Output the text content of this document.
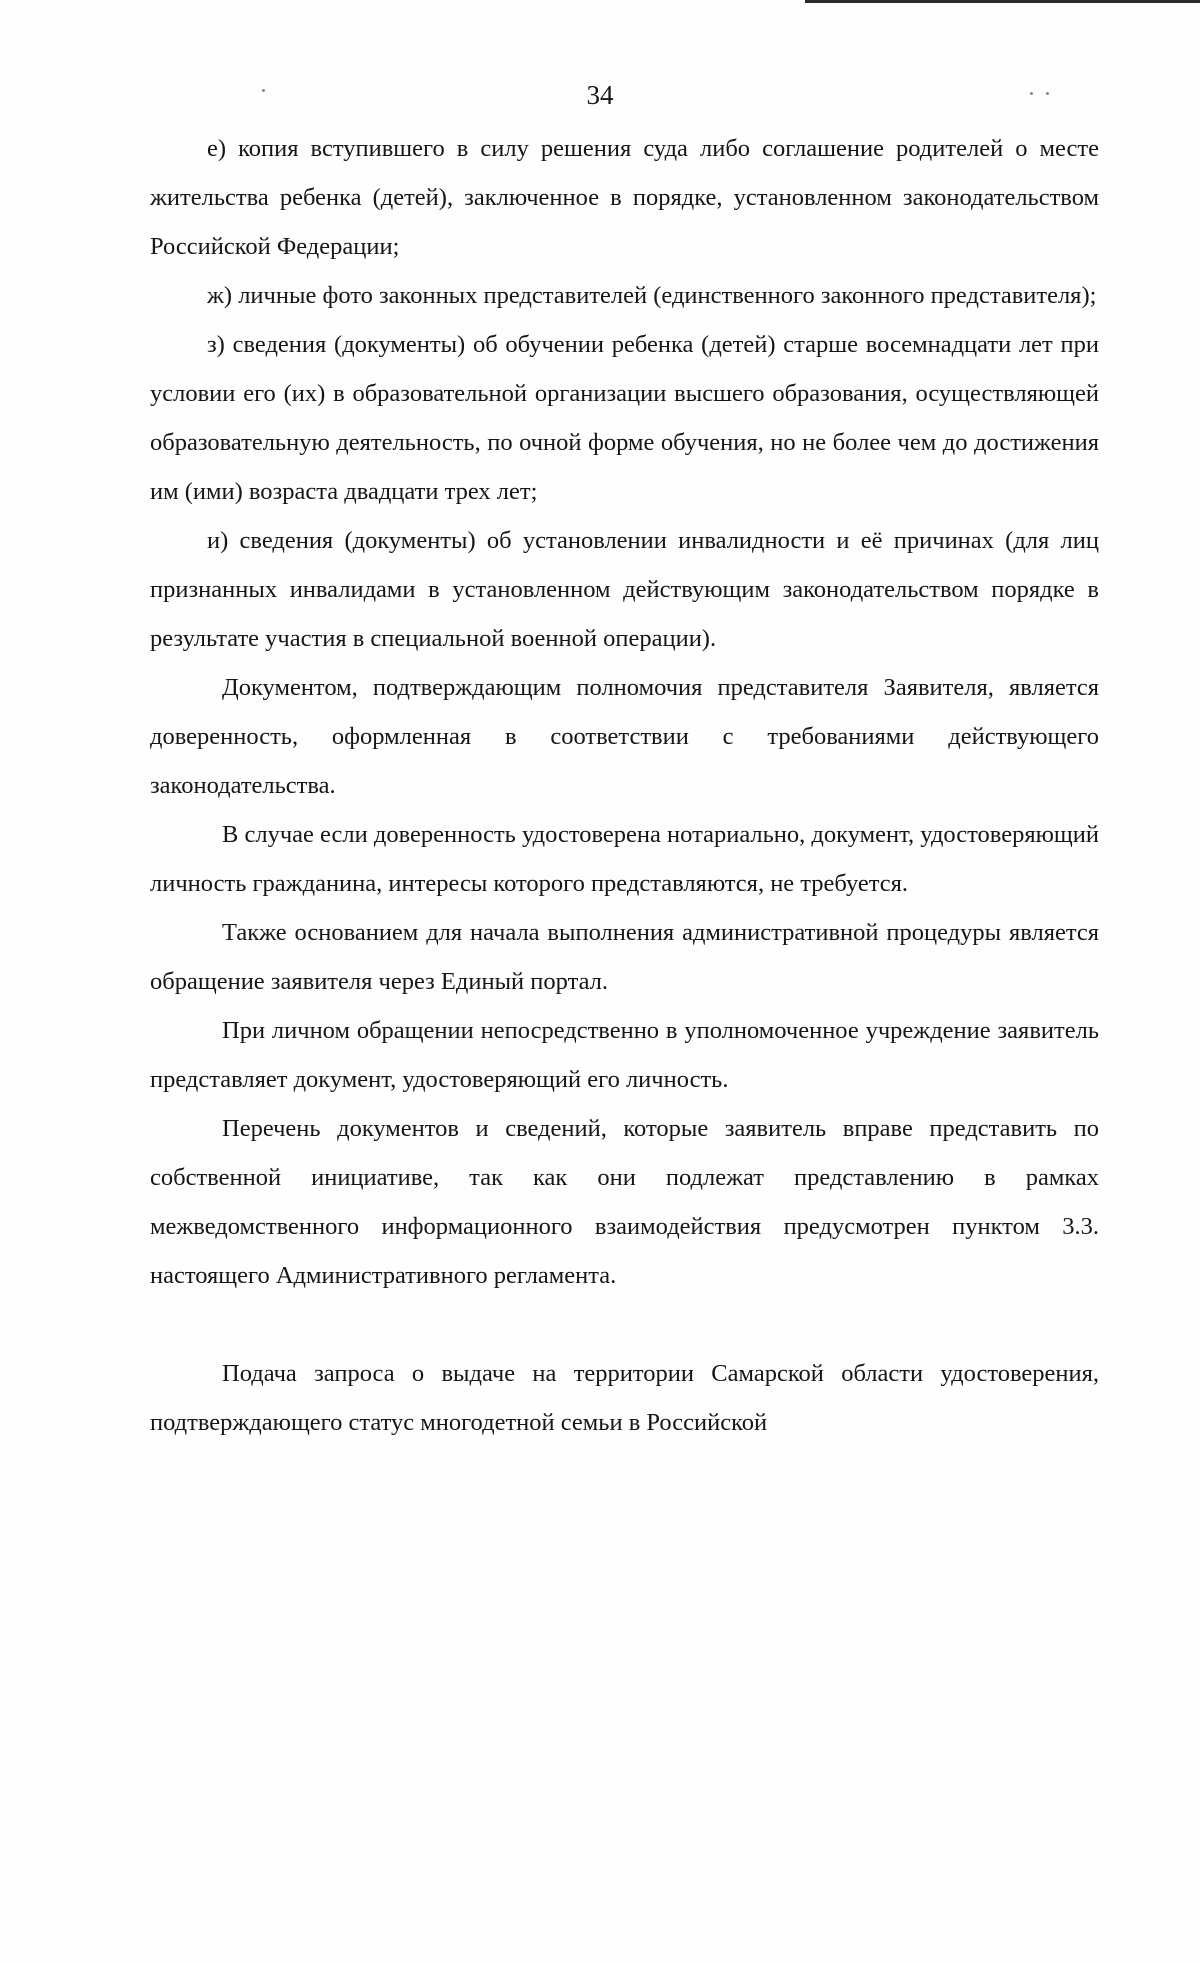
34

е) копия вступившего в силу решения суда либо соглашение родителей о месте жительства ребенка (детей), заключенное в порядке, установленном законодательством Российской Федерации;

ж) личные фото законных представителей (единственного законного представителя);

з) сведения (документы) об обучении ребенка (детей) старше восемнадцати лет при условии его (их) в образовательной организации высшего образования, осуществляющей образовательную деятельность, по очной форме обучения, но не более чем до достижения им (ими) возраста двадцати трех лет;

и) сведения (документы) об установлении инвалидности и её причинах (для лиц признанных инвалидами в установленном действующим законодательством порядке в результате участия в специальной военной операции).

Документом, подтверждающим полномочия представителя Заявителя, является доверенность, оформленная в соответствии с требованиями действующего законодательства.

В случае если доверенность удостоверена нотариально, документ, удостоверяющий личность гражданина, интересы которого представляются, не требуется.

Также основанием для начала выполнения административной процедуры является обращение заявителя через Единый портал.

При личном обращении непосредственно в уполномоченное учреждение заявитель представляет документ, удостоверяющий его личность.

Перечень документов и сведений, которые заявитель вправе представить по собственной инициативе, так как они подлежат представлению в рамках межведомственного информационного взаимодействия предусмотрен пунктом 3.3. настоящего Административного регламента.

Подача запроса о выдаче на территории Самарской области удостоверения, подтверждающего статус многодетной семьи в Российской
